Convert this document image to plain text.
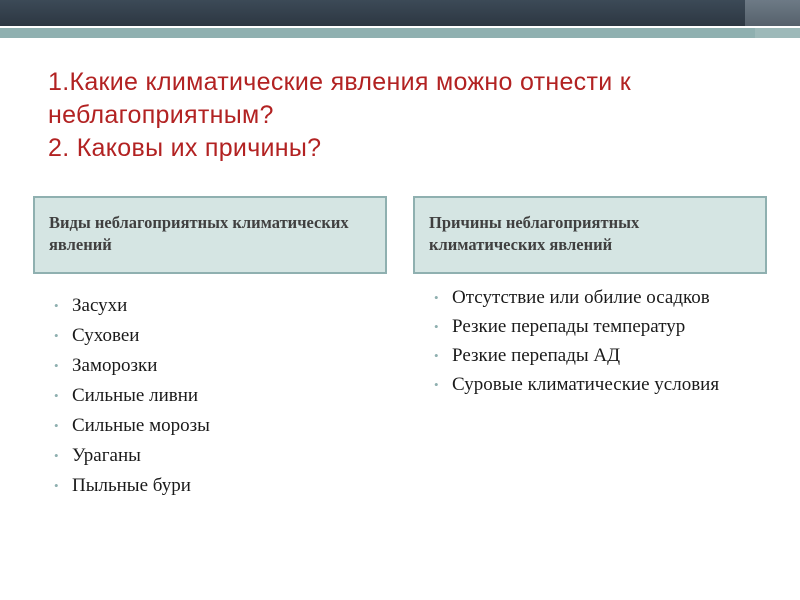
1.Какие климатические явления можно отнести к
неблагоприятным?
2. Каковы их причины?
Виды неблагоприятных климатических явлений
Причины неблагоприятных климатических явлений
• Засухи
• Суховеи
• Заморозки
• Сильные ливни
• Сильные морозы
• Ураганы
• Пыльные бури
• Отсутствие или обилие осадков
• Резкие перепады температур
• Резкие перепады АД
• Суровые климатические условия
